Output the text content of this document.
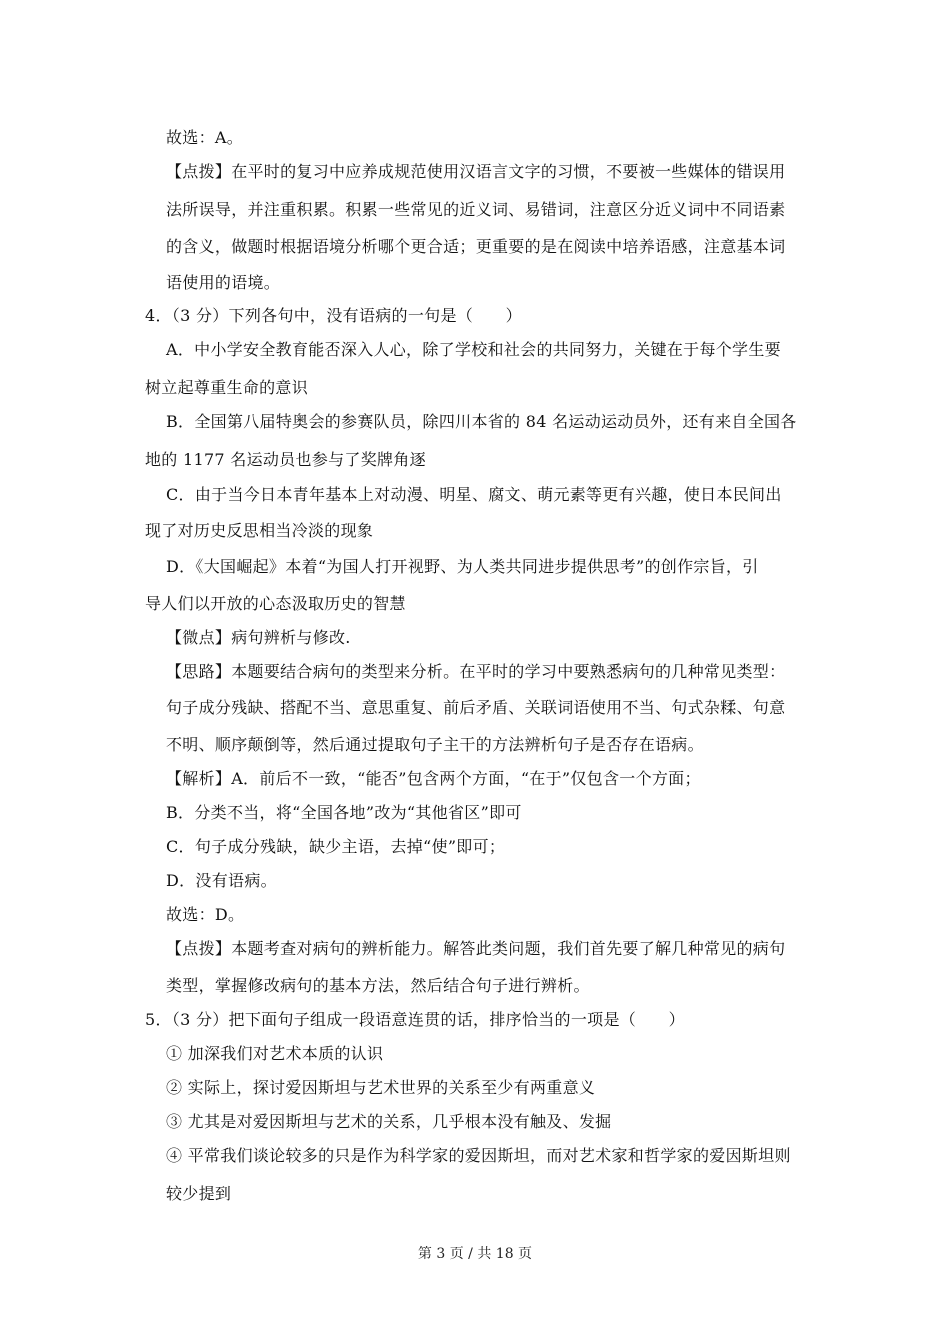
故选：A。
【点拨】在平时的复习中应养成规范使用汉语言文字的习惯，不要被一些媒体的错误用
法所误导，并注重积累。积累一些常见的近义词、易错词，注意区分近义词中不同语素
的含义，做题时根据语境分析哪个更合适；更重要的是在阅读中培养语感，注意基本词
语使用的语境。
4．（3 分）下列各句中，没有语病的一句是（　　）
A．中小学安全教育能否深入人心，除了学校和社会的共同努力，关键在于每个学生要
树立起尊重生命的意识
B．全国第八届特奥会的参赛队员，除四川本省的 84 名运动运动员外，还有来自全国各
地的 1177 名运动员也参与了奖牌角逐
C．由于当今日本青年基本上对动漫、明星、腐文、萌元素等更有兴趣，使日本民间出
现了对历史反思相当冷淡的现象
D．《大国崛起》本着“为国人打开视野、为人类共同进步提供思考”的创作宗旨，引
导人们以开放的心态汲取历史的智慧
【微点】病句辨析与修改.
【思路】本题要结合病句的类型来分析。在平时的学习中要熟悉病句的几种常见类型：
句子成分残缺、搭配不当、意思重复、前后矛盾、关联词语使用不当、句式杂糅、句意
不明、顺序颠倒等，然后通过提取句子主干的方法辨析句子是否存在语病。
【解析】A．前后不一致，“能否”包含两个方面，“在于”仅包含一个方面；
B．分类不当，将“全国各地”改为“其他省区”即可
C．句子成分残缺，缺少主语，去掉“使”即可；
D．没有语病。
故选：D。
【点拨】本题考查对病句的辨析能力。解答此类问题，我们首先要了解几种常见的病句
类型，掌握修改病句的基本方法，然后结合句子进行辨析。
5．（3 分）把下面句子组成一段语意连贯的话，排序恰当的一项是（　　）
① 加深我们对艺术本质的认识
② 实际上，探讨爱因斯坦与艺术世界的关系至少有两重意义
③ 尤其是对爱因斯坦与艺术的关系，几乎根本没有触及、发掘
④ 平常我们谈论较多的只是作为科学家的爱因斯坦，而对艺术家和哲学家的爱因斯坦则
较少提到
第 3 页 / 共 18 页
